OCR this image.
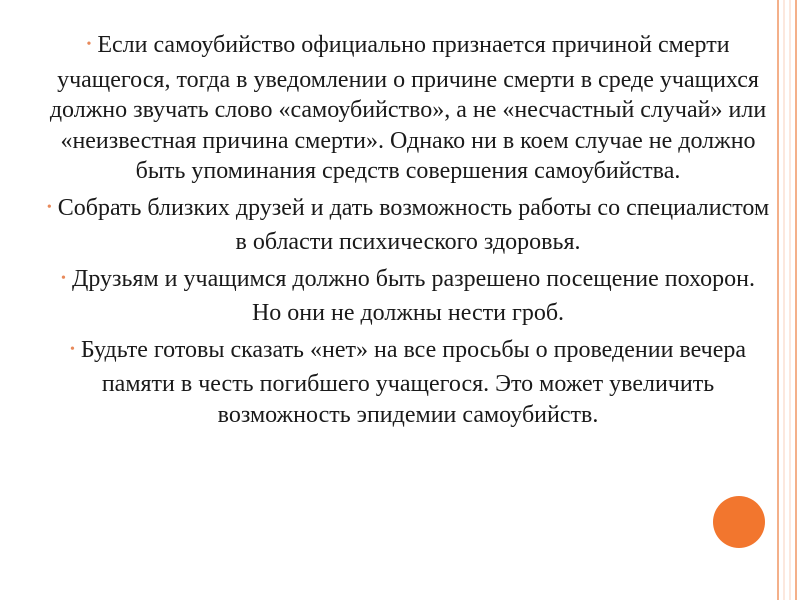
• Если самоубийство официально признается причиной смерти учащегося, тогда в уведомлении о причине смерти в среде учащихся должно звучать слово «самоубийство», а не «несчастный случай» или «неизвестная причина смерти». Однако ни в коем случае не должно быть упоминания средств совершения самоубийства.

• Собрать близких друзей и дать возможность работы со специалистом в области психического здоровья.

• Друзьям и учащимся должно быть разрешено посещение похорон. Но они не должны нести гроб.

• Будьте готовы сказать «нет» на все просьбы о проведении вечера памяти в честь погибшего учащегося. Это может увеличить возможность эпидемии самоубийств.
